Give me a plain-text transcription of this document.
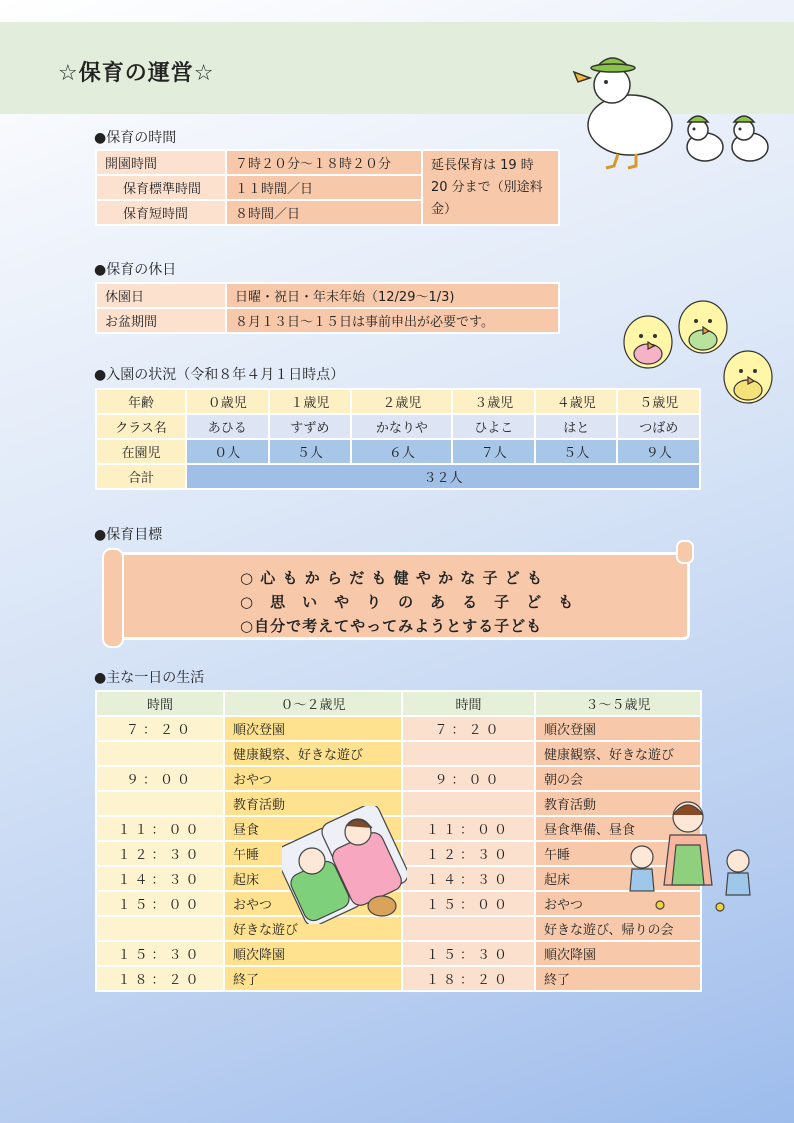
☆保育の運営☆
●保育の時間
開園時間	７時２０分～１８時２０分	延長保育は 19 時 20 分まで（別途料金）
保育標準時間	１１時間／日	
保育短時間	８時間／日	
●保育の休日
休園日	日曜・祝日・年末年始（12/29～1/3)
お盆期間	８月１３日～１５日は事前申出が必要です。
●入園の状況（令和８年４月１日時点）
年齢	０歳児	１歳児	２歳児	３歳児	４歳児	５歳児
クラス名	あひる	すずめ	かなりや	ひよこ	はと	つばめ
在園児	０人	５人	６人	７人	５人	９人
合計	３２人					
●保育目標
○ 心 も か ら だ も 健 や か な 子 ど も
○　思　い　や　り　の　あ　る　子　ど　も
○自分で考えてやってみようとする子ども
●主な一日の生活
時間	０～２歳児	時間	３～５歳児
７：２０	順次登園	７：２０	順次登園
	健康観察、好きな遊び		健康観察、好きな遊び
９：００	おやつ	９：００	朝の会
	教育活動		教育活動
１１：００	昼食	１１：００	昼食準備、昼食
１２：３０	午睡	１２：３０	午睡
１４：３０	起床	１４：３０	起床
１５：００	おやつ	１５：００	おやつ
	好きな遊び		好きな遊び、帰りの会
１５：３０	順次降園	１５：３０	順次降園
１８：２０	終了	１８：２０	終了
